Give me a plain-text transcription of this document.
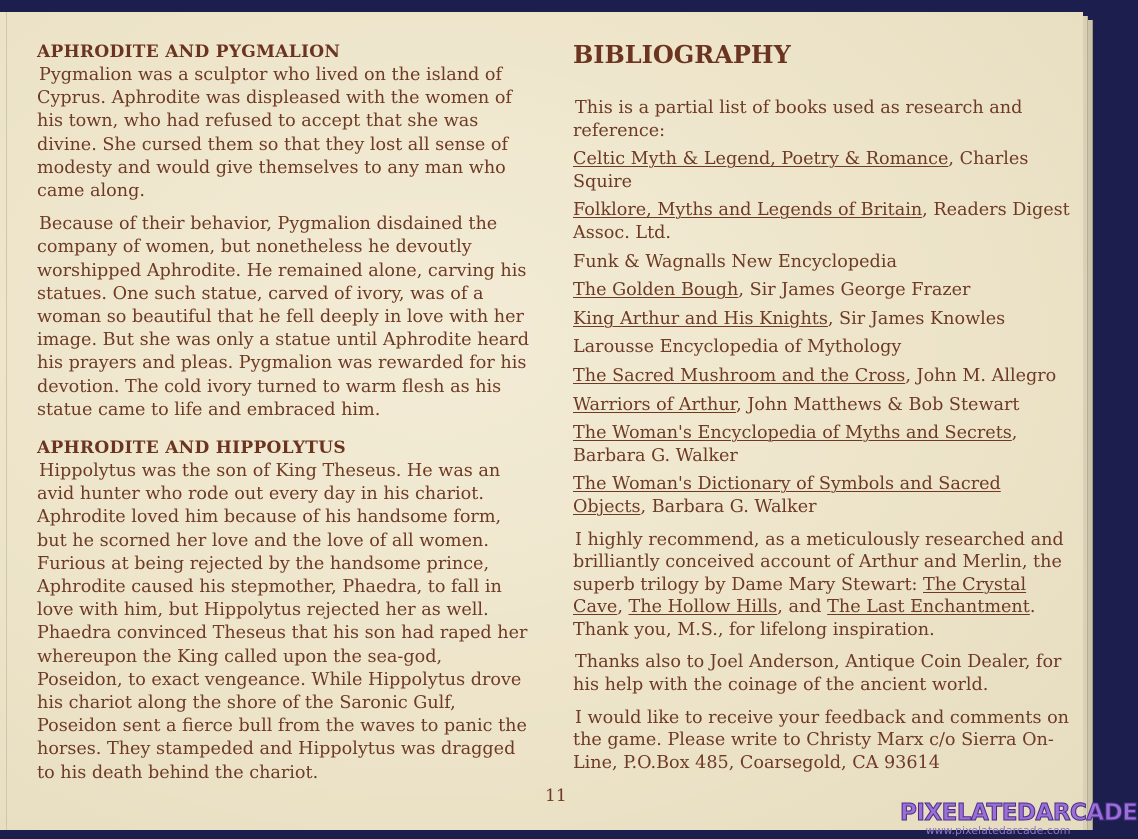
APHRODITE AND PYGMALION

Pygmalion was a sculptor who lived on the island of Cyprus. Aphrodite was displeased with the women of his town, who had refused to accept that she was divine. She cursed them so that they lost all sense of modesty and would give themselves to any man who came along.

Because of their behavior, Pygmalion disdained the company of women, but nonetheless he devoutly worshipped Aphrodite. He remained alone, carving his statues. One such statue, carved of ivory, was of a woman so beautiful that he fell deeply in love with her image. But she was only a statue until Aphrodite heard his prayers and pleas. Pygmalion was rewarded for his devotion. The cold ivory turned to warm flesh as his statue came to life and embraced him.

APHRODITE AND HIPPOLYTUS

Hippolytus was the son of King Theseus. He was an avid hunter who rode out every day in his chariot. Aphrodite loved him because of his handsome form, but he scorned her love and the love of all women. Furious at being rejected by the handsome prince, Aphrodite caused his stepmother, Phaedra, to fall in love with him, but Hippolytus rejected her as well. Phaedra convinced Theseus that his son had raped her whereupon the King called upon the sea-god, Poseidon, to exact vengeance. While Hippolytus drove his chariot along the shore of the Saronic Gulf, Poseidon sent a fierce bull from the waves to panic the horses. They stampeded and Hippolytus was dragged to his death behind the chariot.

BIBLIOGRAPHY

This is a partial list of books used as research and reference:

Celtic Myth & Legend, Poetry & Romance, Charles Squire

Folklore, Myths and Legends of Britain, Readers Digest Assoc. Ltd.

Funk & Wagnalls New Encyclopedia

The Golden Bough, Sir James George Frazer

King Arthur and His Knights, Sir James Knowles

Larousse Encyclopedia of Mythology

The Sacred Mushroom and the Cross, John M. Allegro

Warriors of Arthur, John Matthews & Bob Stewart

The Woman's Encyclopedia of Myths and Secrets, Barbara G. Walker

The Woman's Dictionary of Symbols and Sacred Objects, Barbara G. Walker

I highly recommend, as a meticulously researched and brilliantly conceived account of Arthur and Merlin, the superb trilogy by Dame Mary Stewart: The Crystal Cave, The Hollow Hills, and The Last Enchantment. Thank you, M.S., for lifelong inspiration.

Thanks also to Joel Anderson, Antique Coin Dealer, for his help with the coinage of the ancient world.

I would like to receive your feedback and comments on the game. Please write to Christy Marx c/o Sierra On-Line, P.O.Box 485, Coarsegold, CA 93614

11
PIXELATEDARCADE
www.pixelatedarcade.com
